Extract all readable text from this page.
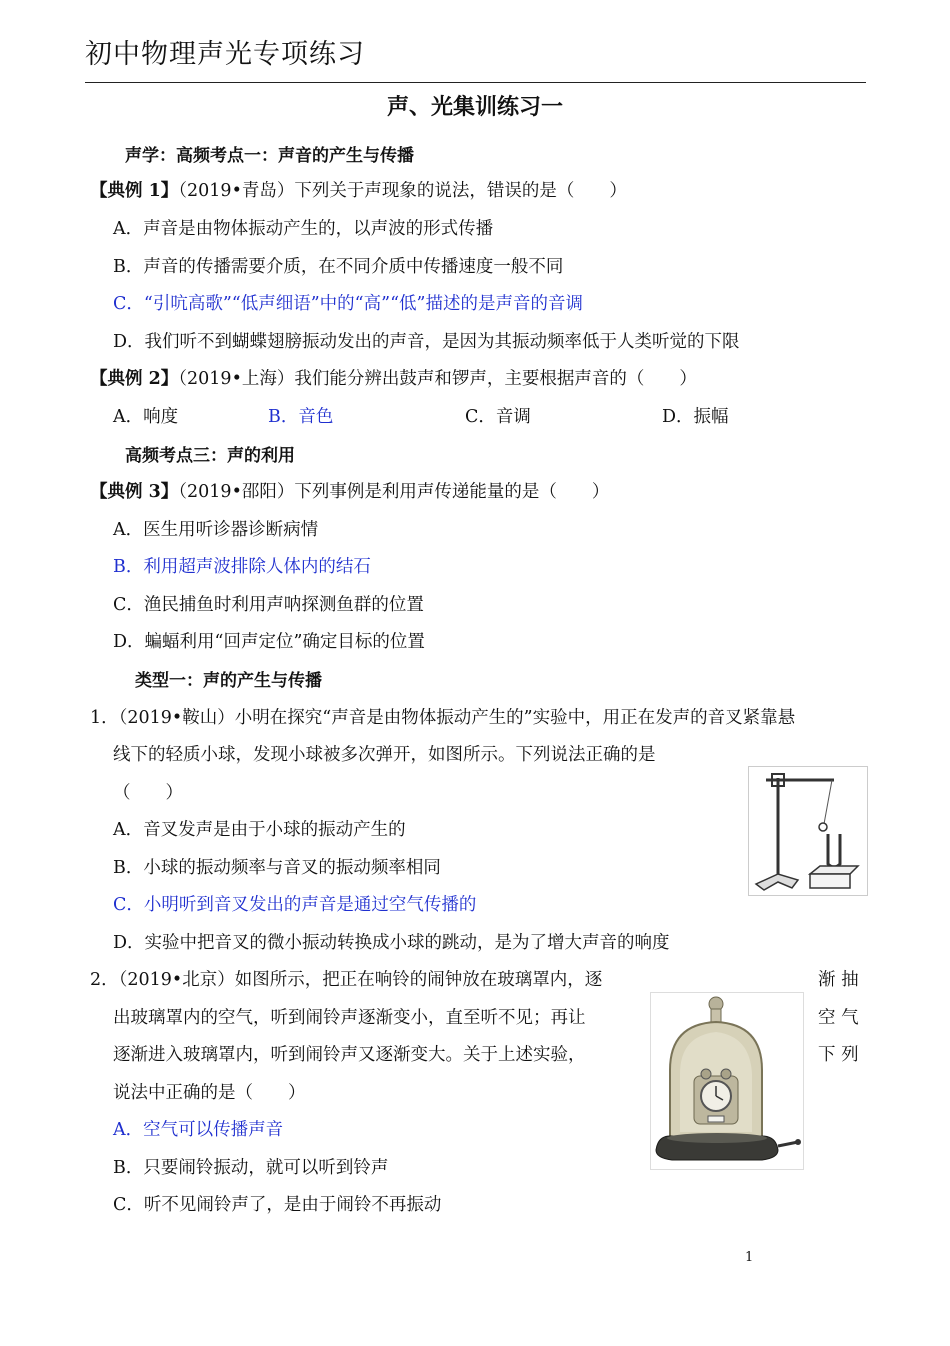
初中物理声光专项练习
声、光集训练习一
声学：高频考点一：声音的产生与传播
【典例 1】（2019•青岛）下列关于声现象的说法，错误的是（　　）
A．声音是由物体振动产生的，以声波的形式传播
B．声音的传播需要介质，在不同介质中传播速度一般不同
C．“引吭高歌”“低声细语”中的“高”“低”描述的是声音的音调
D．我们听不到蝴蝶翅膀振动发出的声音，是因为其振动频率低于人类听觉的下限
【典例 2】（2019•上海）我们能分辨出鼓声和锣声，主要根据声音的（　　）
A．响度	B．音色	C．音调	D．振幅
高频考点三：声的利用
【典例 3】（2019•邵阳）下列事例是利用声传递能量的是（　　）
A．医生用听诊器诊断病情
B．利用超声波排除人体内的结石
C．渔民捕鱼时利用声呐探测鱼群的位置
D．蝙蝠利用“回声定位”确定目标的位置
类型一：声的产生与传播
1．（2019•鞍山）小明在探究“声音是由物体振动产生的”实验中，用正在发声的音叉紧靠悬
线下的轻质小球，发现小球被多次弹开，如图所示。下列说法正确的是
（　　）
A．音叉发声是由于小球的振动产生的
B．小球的振动频率与音叉的振动频率相同
C．小明听到音叉发出的声音是通过空气传播的
D．实验中把音叉的微小振动转换成小球的跳动，是为了增大声音的响度
2．（2019•北京）如图所示，把正在响铃的闹钟放在玻璃罩内，逐	渐 抽
出玻璃罩内的空气，听到闹铃声逐渐变小，直至听不见；再让	空 气
逐渐进入玻璃罩内，听到闹铃声又逐渐变大。关于上述实验，	下 列
说法中正确的是（　　）
A．空气可以传播声音
B．只要闹铃振动，就可以听到铃声
C．听不见闹铃声了，是由于闹铃不再振动
1
